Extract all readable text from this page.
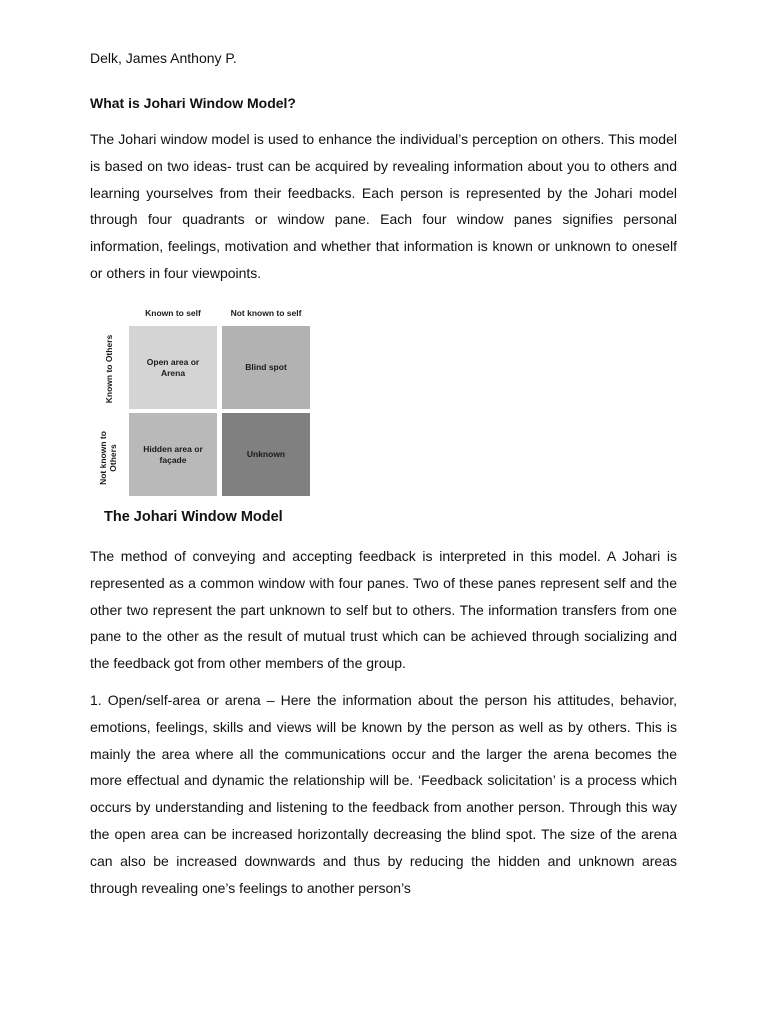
Delk, James Anthony P.
What is Johari Window Model?

The Johari window model is used to enhance the individual’s perception on others. This model is based on two ideas- trust can be acquired by revealing information about you to others and learning yourselves from their feedbacks. Each person is represented by the Johari model through four quadrants or window pane. Each four window panes signifies personal information, feelings, motivation and whether that information is known or unknown to oneself or others in four viewpoints.

Known to self	Not known to self
Known to Others
Not known to Others
Open area or Arena
Blind spot
Hidden area or façade
Unknown
The Johari Window Model

The method of conveying and accepting feedback is interpreted in this model. A Johari is represented as a common window with four panes. Two of these panes represent self and the other two represent the part unknown to self but to others. The information transfers from one pane to the other as the result of mutual trust which can be achieved through socializing and the feedback got from other members of the group.

1. Open/self-area or arena – Here the information about the person his attitudes, behavior, emotions, feelings, skills and views will be known by the person as well as by others. This is mainly the area where all the communications occur and the larger the arena becomes the more effectual and dynamic the relationship will be. ‘Feedback solicitation’ is a process which occurs by understanding and listening to the feedback from another person. Through this way the open area can be increased horizontally decreasing the blind spot. The size of the arena can also be increased downwards and thus by reducing the hidden and unknown areas through revealing one’s feelings to another person’s
